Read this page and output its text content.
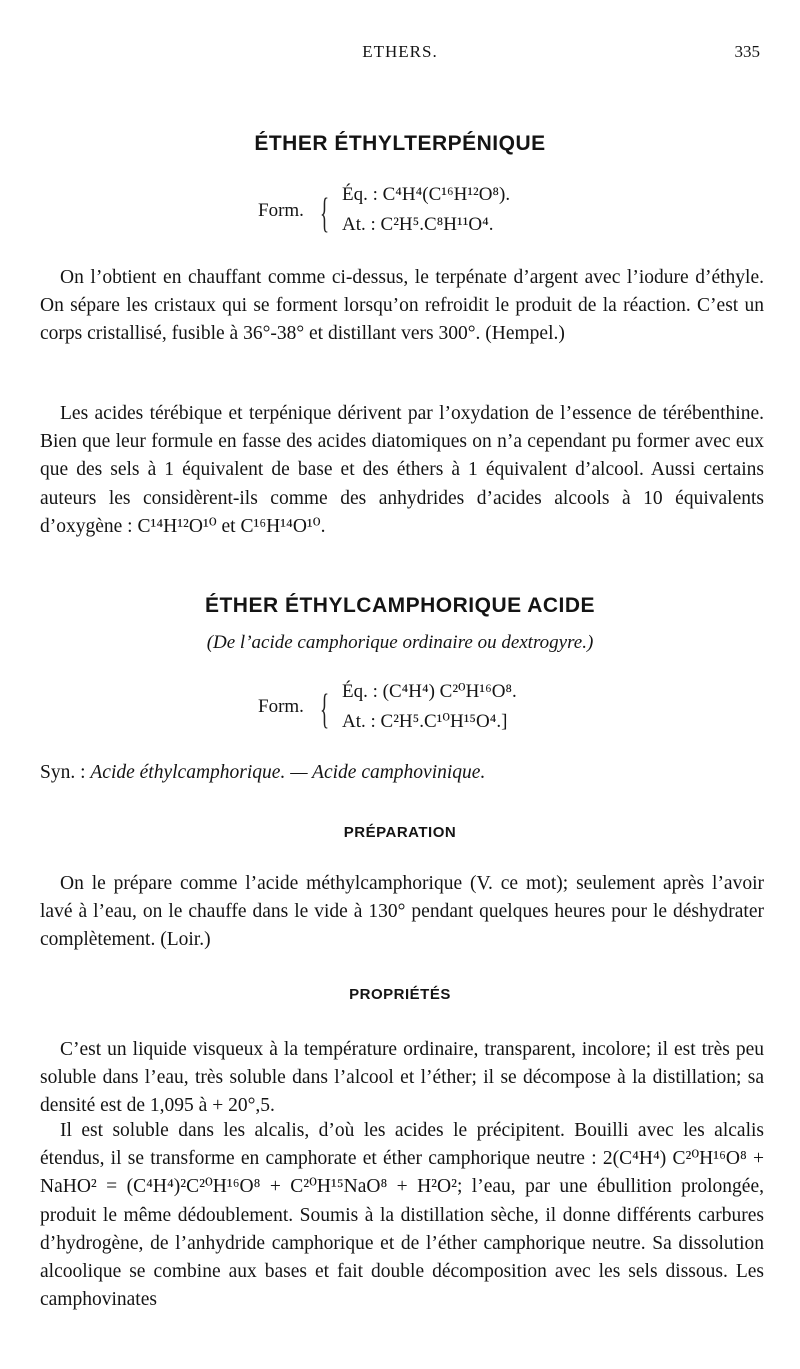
ETHERS.	335
ÉTHER ÉTHYLTERPÉNIQUE
Form. { Éq. : C⁴H⁴(C¹⁶H¹²O⁸).
At. : C²H⁵.C⁸H¹¹O⁴.

On l’obtient en chauffant comme ci-dessus, le terpénate d’argent avec l’iodure d’éthyle. On sépare les cristaux qui se forment lorsqu’on refroidit le produit de la réaction. C’est un corps cristallisé, fusible à 36°-38° et distillant vers 300°. (Hempel.)

Les acides térébique et terpénique dérivent par l’oxydation de l’essence de térébenthine. Bien que leur formule en fasse des acides diatomiques on n’a cependant pu former avec eux que des sels à 1 équivalent de base et des éthers à 1 équivalent d’alcool. Aussi certains auteurs les considèrent-ils comme des anhydrides d’acides alcools à 10 équivalents d’oxygène : C¹⁴H¹²O¹⁰ et C¹⁶H¹⁴O¹⁰.

ÉTHER ÉTHYLCAMPHORIQUE ACIDE
(De l’acide camphorique ordinaire ou dextrogyre.)
Form. { Éq. : (C⁴H⁴) C²⁰H¹⁶O⁸.
At. : C²H⁵.C¹⁰H¹⁵O⁴.]
Syn. : Acide éthylcamphorique. — Acide camphovinique.
PRÉPARATION

On le prépare comme l’acide méthylcamphorique (V. ce mot); seulement après l’avoir lavé à l’eau, on le chauffe dans le vide à 130° pendant quelques heures pour le déshydrater complètement. (Loir.)

PROPRIÉTÉS

C’est un liquide visqueux à la température ordinaire, transparent, incolore; il est très peu soluble dans l’eau, très soluble dans l’alcool et l’éther; il se décompose à la distillation; sa densité est de 1,095 à + 20°,5.

Il est soluble dans les alcalis, d’où les acides le précipitent. Bouilli avec les alcalis étendus, il se transforme en camphorate et éther camphorique neutre : 2(C⁴H⁴) C²⁰H¹⁶O⁸ + NaHO² = (C⁴H⁴)²C²⁰H¹⁶O⁸ + C²⁰H¹⁵NaO⁸ + H²O²; l’eau, par une ébullition prolongée, produit le même dédoublement. Soumis à la distillation sèche, il donne différents carbures d’hydrogène, de l’anhydride camphorique et de l’éther camphorique neutre. Sa dissolution alcoolique se combine aux bases et fait double décomposition avec les sels dissous. Les camphovinates
